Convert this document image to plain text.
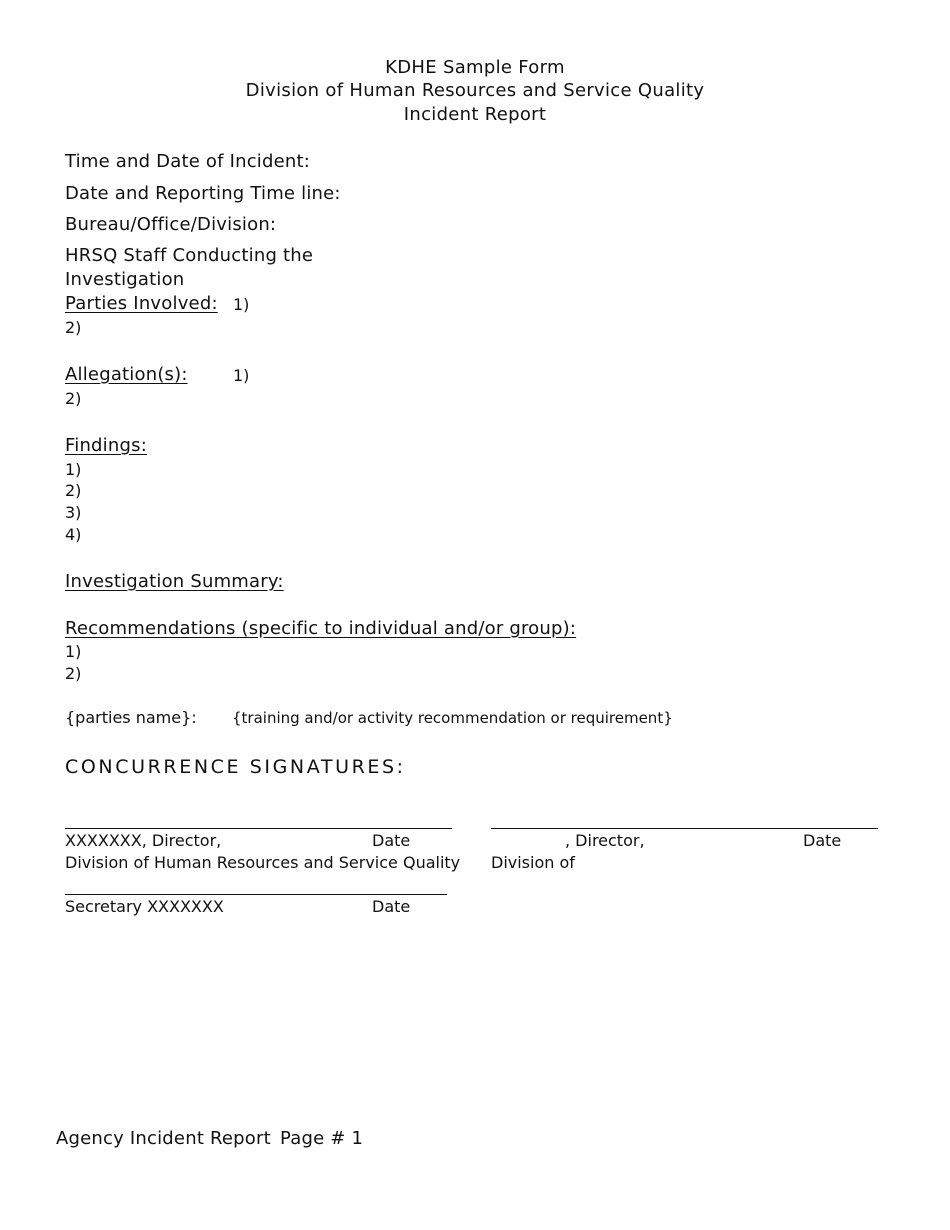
KDHE Sample Form
Division of Human Resources and Service Quality
Incident Report
Time and Date of Incident:
Date and Reporting Time line:
Bureau/Office/Division:
HRSQ Staff Conducting the
Investigation
Parties Involved: 1)
2)
Allegation(s):	1)
2)
Findings:
1)
2)
3)
4)
Investigation Summary:
Recommendations (specific to individual and/or group):
1)
2)
{parties name}: {training and/or activity recommendation or requirement}
CONCURRENCE SIGNATURES:
XXXXXXX, Director,	Date
Division of Human Resources and Service Quality
, Director,	Date
Division of
Secretary XXXXXXX	Date
Agency Incident Report Page # 1
